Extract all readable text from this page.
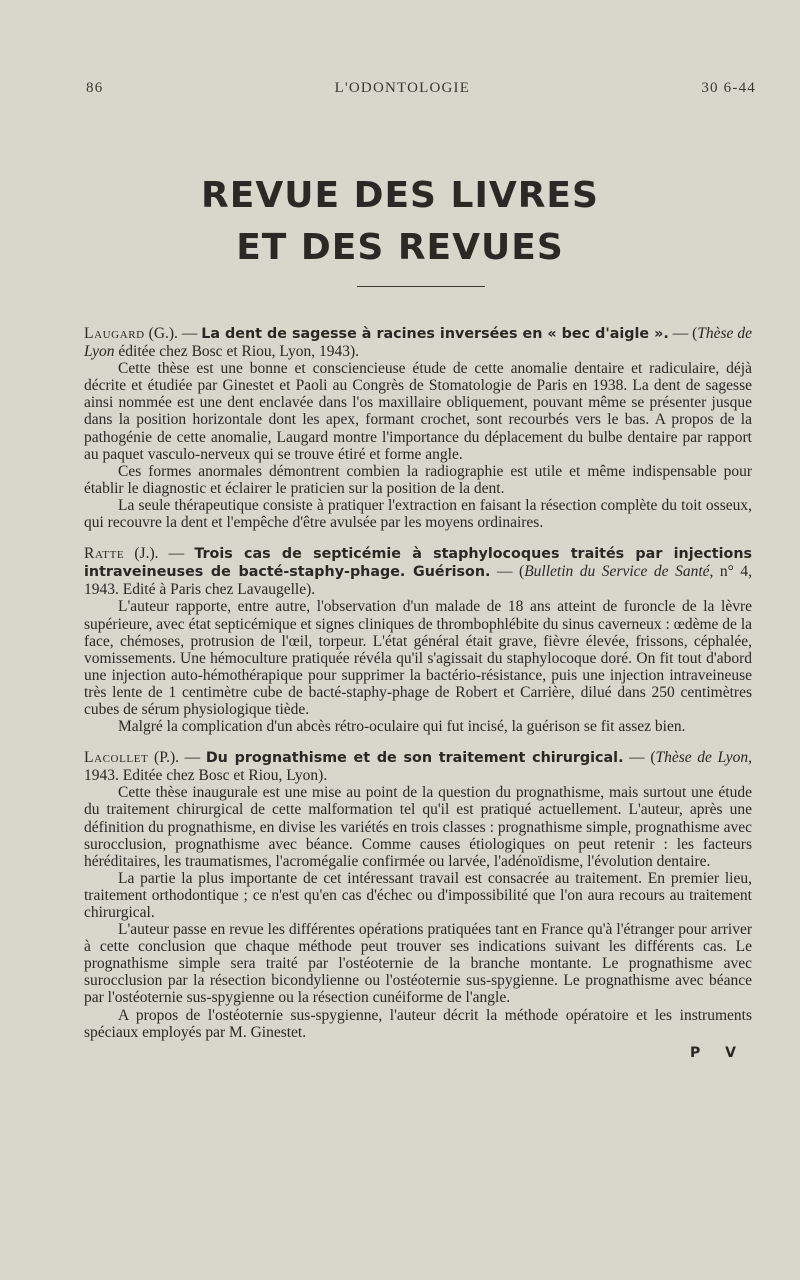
86	L'ODONTOLOGIE	30 6-44
REVUE DES LIVRES
ET DES REVUES

Laugard (G.). — La dent de sagesse à racines inversées en « bec d'aigle ». — (Thèse de Lyon éditée chez Bosc et Riou, Lyon, 1943).

Cette thèse est une bonne et consciencieuse étude de cette anomalie dentaire et radiculaire, déjà décrite et étudiée par Ginestet et Paoli au Congrès de Stomatologie de Paris en 1938. La dent de sagesse ainsi nommée est une dent enclavée dans l'os maxillaire obliquement, pouvant même se présenter jusque dans la position horizontale dont les apex, formant crochet, sont recourbés vers le bas. A propos de la pathogénie de cette anomalie, Laugard montre l'importance du déplacement du bulbe dentaire par rapport au paquet vasculo-nerveux qui se trouve étiré et forme angle.

Ces formes anormales démontrent combien la radiographie est utile et même indispensable pour établir le diagnostic et éclairer le praticien sur la position de la dent.

La seule thérapeutique consiste à pratiquer l'extraction en faisant la résection complète du toit osseux, qui recouvre la dent et l'empêche d'être avulsée par les moyens ordinaires.

Ratte (J.). — Trois cas de septicémie à staphylocoques traités par injections intraveineuses de bacté-staphy-phage. Guérison. — (Bulletin du Service de Santé, n° 4, 1943. Edité à Paris chez Lavaugelle).

L'auteur rapporte, entre autre, l'observation d'un malade de 18 ans atteint de furoncle de la lèvre supérieure, avec état septicémique et signes cliniques de thrombophlébite du sinus caverneux : œdème de la face, chémoses, protrusion de l'œil, torpeur. L'état général était grave, fièvre élevée, frissons, céphalée, vomissements. Une hémoculture pratiquée révéla qu'il s'agissait du staphylocoque doré. On fit tout d'abord une injection auto-hémothérapique pour supprimer la bactério-résistance, puis une injection intraveineuse très lente de 1 centimètre cube de bacté-staphy-phage de Robert et Carrière, dilué dans 250 centimètres cubes de sérum physiologique tiède.

Malgré la complication d'un abcès rétro-oculaire qui fut incisé, la guérison se fit assez bien.

Lacollet (P.). — Du prognathisme et de son traitement chirurgical. — (Thèse de Lyon, 1943. Editée chez Bosc et Riou, Lyon).

Cette thèse inaugurale est une mise au point de la question du prognathisme, mais surtout une étude du traitement chirurgical de cette malformation tel qu'il est pratiqué actuellement. L'auteur, après une définition du prognathisme, en divise les variétés en trois classes : prognathisme simple, prognathisme avec surocclusion, prognathisme avec béance. Comme causes étiologiques on peut retenir : les facteurs héréditaires, les traumatismes, l'acromégalie confirmée ou larvée, l'adénoïdisme, l'évolution dentaire.

La partie la plus importante de cet intéressant travail est consacrée au traitement. En premier lieu, traitement orthodontique ; ce n'est qu'en cas d'échec ou d'impossibilité que l'on aura recours au traitement chirurgical.

L'auteur passe en revue les différentes opérations pratiquées tant en France qu'à l'étranger pour arriver à cette conclusion que chaque méthode peut trouver ses indications suivant les différents cas. Le prognathisme simple sera traité par l'ostéoternie de la branche montante. Le prognathisme avec surocclusion par la résection bicondylienne ou l'ostéoternie sus-spygienne. Le prognathisme avec béance par l'ostéoternie sus-spygienne ou la résection cunéiforme de l'angle.

A propos de l'ostéoternie sus-spygienne, l'auteur décrit la méthode opératoire et les instruments spéciaux employés par M. Ginestet.

P V
